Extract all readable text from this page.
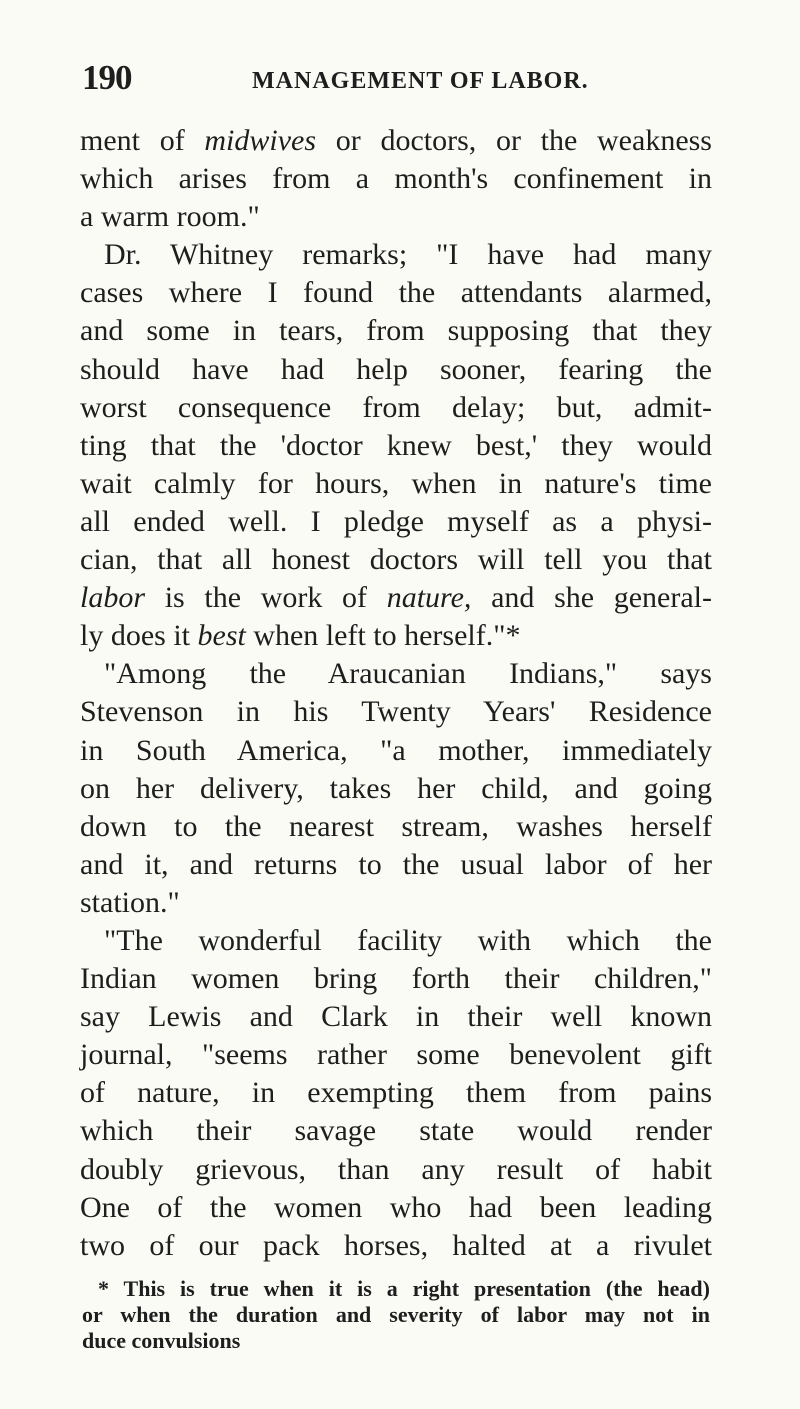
190	MANAGEMENT OF LABOR.
ment of midwives or doctors, or the weakness
which arises from a month's confinement in
a warm room."
Dr. Whitney remarks; "I have had many
cases where I found the attendants alarmed,
and some in tears, from supposing that they
should have had help sooner, fearing the
worst consequence from delay; but, admit-
ting that the 'doctor knew best,' they would
wait calmly for hours, when in nature's time
all ended well. I pledge myself as a physi-
cian, that all honest doctors will tell you that
labor is the work of nature, and she general-
ly does it best when left to herself."*
"Among the Araucanian Indians," says
Stevenson in his Twenty Years' Residence
in South America, "a mother, immediately
on her delivery, takes her child, and going
down to the nearest stream, washes herself
and it, and returns to the usual labor of her
station."
"The wonderful facility with which the
Indian women bring forth their children,"
say Lewis and Clark in their well known
journal, "seems rather some benevolent gift
of nature, in exempting them from pains
which their savage state would render
doubly grievous, than any result of habit
One of the women who had been leading
two of our pack horses, halted at a rivulet
* This is true when it is a right presentation (the head)
or when the duration and severity of labor may not in
duce convulsions
